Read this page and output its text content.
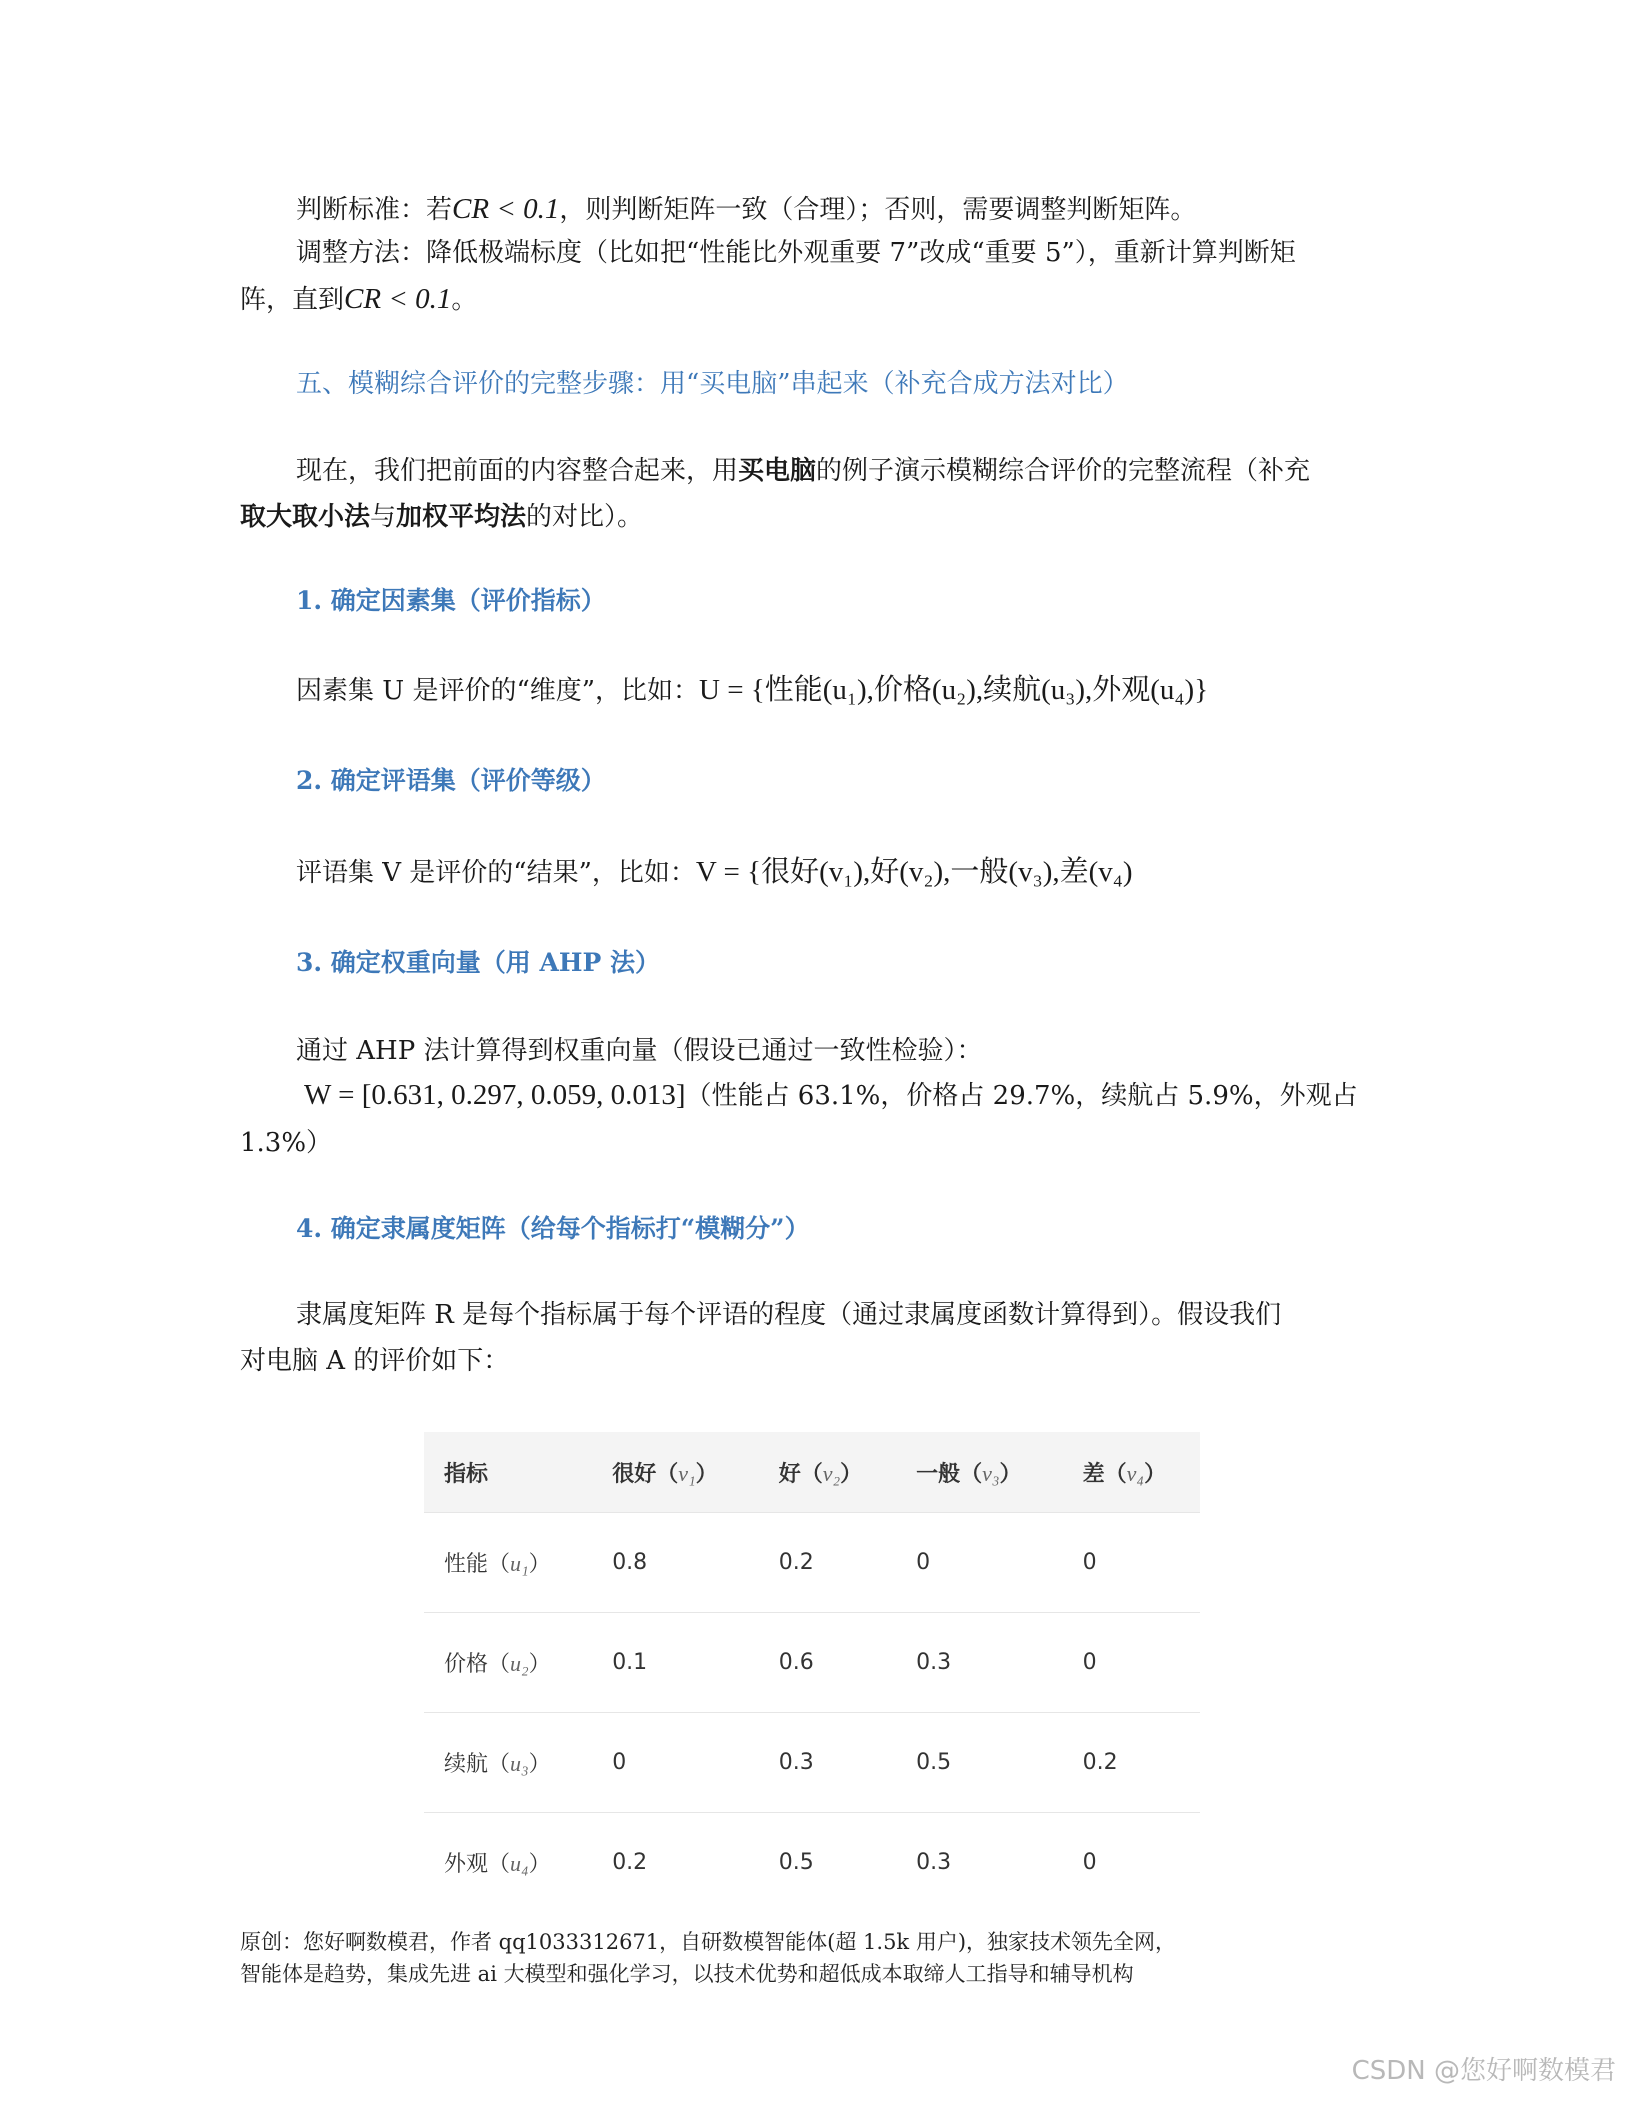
判断标准：若CR < 0.1，则判断矩阵一致（合理）；否则，需要调整判断矩阵。

调整方法：降低极端标度（比如把“性能比外观重要 7”改成“重要 5”），重新计算判断矩

阵，直到CR < 0.1。

五、模糊综合评价的完整步骤：用“买电脑”串起来（补充合成方法对比）

现在，我们把前面的内容整合起来，用买电脑的例子演示模糊综合评价的完整流程（补充

取大取小法与加权平均法的对比）。

1. 确定因素集（评价指标）

因素集 U 是评价的“维度”，比如：U = {性能(u₁),价格(u₂),续航(u₃),外观(u₄)}

2. 确定评语集（评价等级）

评语集 V 是评价的“结果”，比如：V = {很好(v₁),好(v₂),一般(v₃),差(v₄)

3. 确定权重向量（用 AHP 法）

通过 AHP 法计算得到权重向量（假设已通过一致性检验）：

W = [0.631, 0.297, 0.059, 0.013]（性能占 63.1%，价格占 29.7%，续航占 5.9%，外观占

1.3%）

4. 确定隶属度矩阵（给每个指标打“模糊分”）

隶属度矩阵 R 是每个指标属于每个评语的程度（通过隶属度函数计算得到）。假设我们

对电脑 A 的评价如下：

指标	很好（v₁）	好（v₂）	一般（v₃）	差（v₄）
性能（u₁）	0.8	0.2	0	0
价格（u₂）	0.1	0.6	0.3	0
续航（u₃）	0	0.3	0.5	0.2
外观（u₄）	0.2	0.5	0.3	0

原创：您好啊数模君，作者 qq1033312671，自研数模智能体(超 1.5k 用户)，独家技术领先全网，

智能体是趋势，集成先进 ai 大模型和强化学习，以技术优势和超低成本取缔人工指导和辅导机构

CSDN @您好啊数模君
